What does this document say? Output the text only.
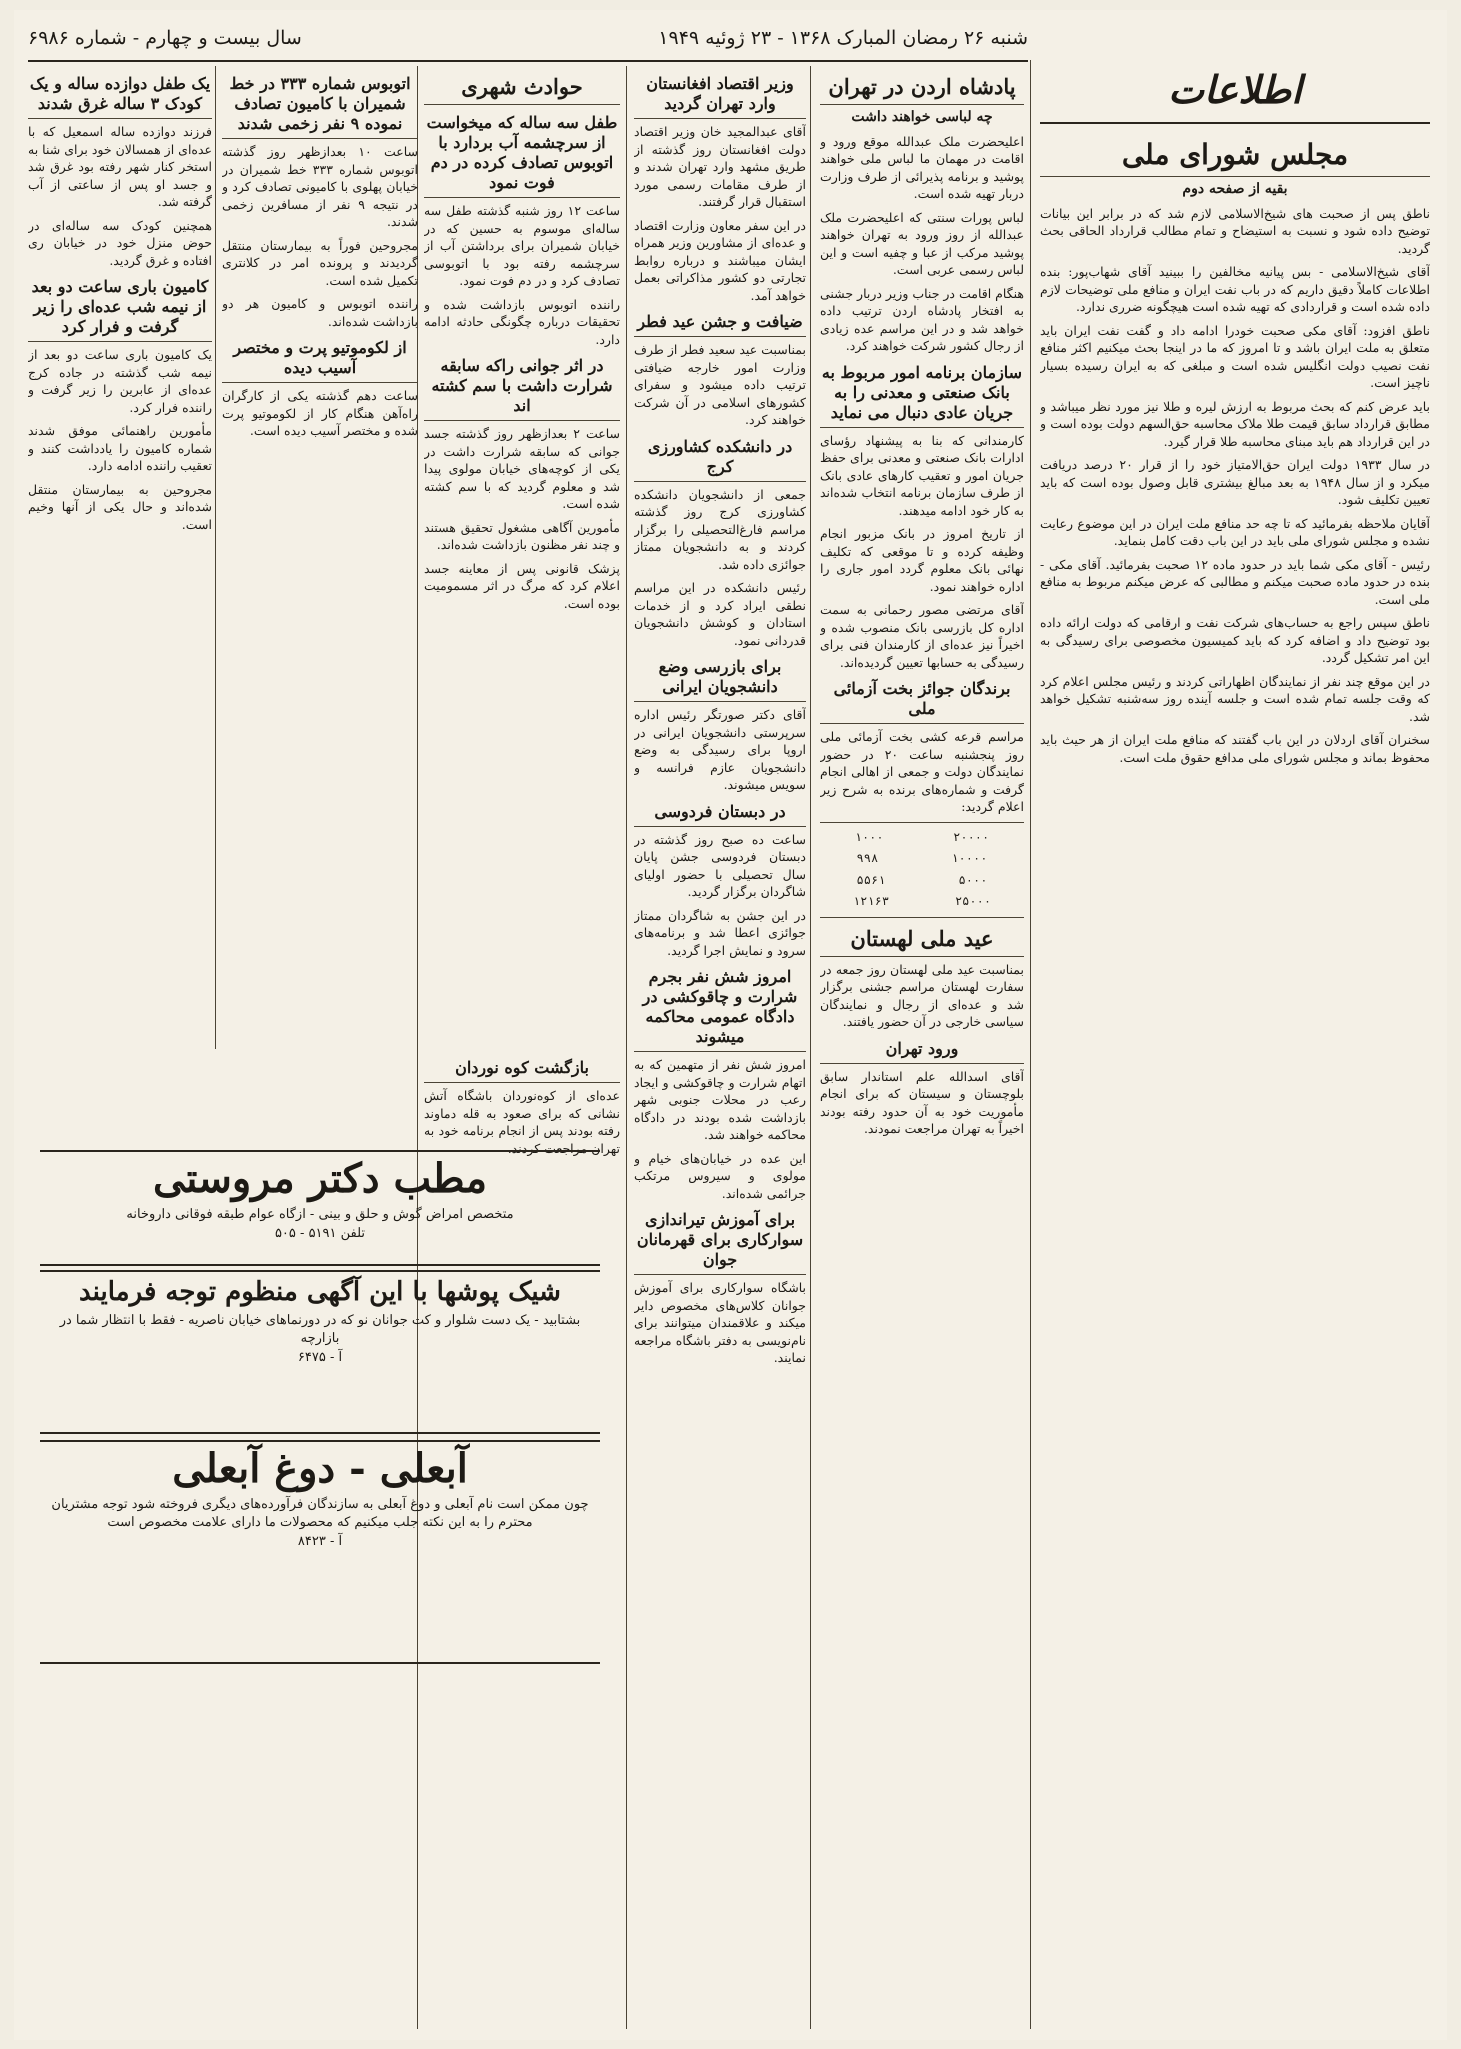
شنبه ۲۶ رمضان المبارک ۱۳۶۸ - ۲۳ ژوئیه ۱۹۴۹
سال بیست و چهارم - شماره ۶۹۸۶
اطلاعات
مجلس شورای ملی
بقیه از صفحه دوم

ناطق پس از صحبت های شیخ‌الاسلامی لازم شد که در برابر این بیانات توضیح داده شود و نسبت به استیضاح و تمام مطالب قرارداد الحاقی بحث گردید.

آقای شیخ‌الاسلامی - بس پیانیه مخالفین را ببینید آقای شهاب‌پور: بنده اطلاعات کاملاً دقیق داریم که در باب نفت ایران و منافع ملی توضیحات لازم داده شده است و قراردادی که تهیه شده است هیچگونه ضرری ندارد.

ناطق افزود: آقای مکی صحبت خودرا ادامه داد و گفت نفت ایران باید متعلق به ملت ایران باشد و تا امروز که ما در اینجا بحث میکنیم اکثر منافع نفت نصیب دولت انگلیس شده است و مبلغی که به ایران رسیده بسیار ناچیز است.

باید عرض کنم که بحث مربوط به ارزش لیره و طلا نیز مورد نظر میباشد و مطابق قرارداد سابق قیمت طلا ملاک محاسبه حق‌السهم دولت بوده است و در این قرارداد هم باید مبنای محاسبه طلا قرار گیرد.

در سال ۱۹۳۳ دولت ایران حق‌الامتیاز خود را از قرار ۲۰ درصد دریافت میکرد و از سال ۱۹۴۸ به بعد مبالغ بیشتری قابل وصول بوده است که باید تعیین تکلیف شود.

آقایان ملاحظه بفرمائید که تا چه حد منافع ملت ایران در این موضوع رعایت نشده و مجلس شورای ملی باید در این باب دقت کامل بنماید.

رئیس - آقای مکی شما باید در حدود ماده ۱۲ صحبت بفرمائید. آقای مکی - بنده در حدود ماده صحبت میکنم و مطالبی که عرض میکنم مربوط به منافع ملی است.

ناطق سپس راجع به حساب‌های شرکت نفت و ارقامی که دولت ارائه داده بود توضیح داد و اضافه کرد که باید کمیسیون مخصوصی برای رسیدگی به این امر تشکیل گردد.

در این موقع چند نفر از نمایندگان اظهاراتی کردند و رئیس مجلس اعلام کرد که وقت جلسه تمام شده است و جلسه آینده روز سه‌شنبه تشکیل خواهد شد.

سخنران آقای اردلان در این باب گفتند که منافع ملت ایران از هر حیث باید محفوظ بماند و مجلس شورای ملی مدافع حقوق ملت است.

پادشاه اردن در تهران
چه لباسی خواهند داشت

اعلیحضرت ملک عبدالله موقع ورود و اقامت در مهمان ما لباس ملی خواهند پوشید و برنامه پذیرائی از طرف وزارت دربار تهیه شده است.

لباس پورات سنتی که اعلیحضرت ملک عبدالله از روز ورود به تهران خواهند پوشید مرکب از عبا و چفیه است و این لباس رسمی عربی است.

هنگام اقامت در جناب وزیر دربار جشنی به افتخار پادشاه اردن ترتیب داده خواهد شد و در این مراسم عده زیادی از رجال کشور شرکت خواهند کرد.

سازمان برنامه امور مربوط به بانک صنعتی و معدنی را به جریان عادی دنبال می نماید

کارمندانی که بنا به پیشنهاد رؤسای ادارات بانک صنعتی و معدنی برای حفظ جریان امور و تعقیب کارهای عادی بانک از طرف سازمان برنامه انتخاب شده‌اند به کار خود ادامه میدهند.

از تاریخ امروز در بانک مزبور انجام وظیفه کرده و تا موقعی که تکلیف نهائی بانک معلوم گردد امور جاری را اداره خواهند نمود.

آقای مرتضی مصور رحمانی به سمت اداره کل بازرسی بانک منصوب شده و اخیراً نیز عده‌ای از کارمندان فنی برای رسیدگی به حسابها تعیین گردیده‌اند.

برندگان جوائز بخت آزمائی ملی

مراسم قرعه کشی بخت آزمائی ملی روز پنجشنبه ساعت ۲۰ در حضور نمایندگان دولت و جمعی از اهالی انجام گرفت و شماره‌های برنده به شرح زیر اعلام گردید:

۱۰۰۰	۲۰۰۰۰
۹۹۸	۱۰۰۰۰
۵۵۶۱	۵۰۰۰
۱۲۱۶۳	۲۵۰۰۰
عید ملی لهستان

بمناسبت عید ملی لهستان روز جمعه در سفارت لهستان مراسم جشنی برگزار شد و عده‌ای از رجال و نمایندگان سیاسی خارجی در آن حضور یافتند.

ورود تهران

آقای اسدالله علم استاندار سابق بلوچستان و سیستان که برای انجام مأموریت خود به آن حدود رفته بودند اخیراً به تهران مراجعت نمودند.

وزیر اقتصاد افغانستان وارد تهران گردید

آقای عبدالمجید خان وزیر اقتصاد دولت افغانستان روز گذشته از طریق مشهد وارد تهران شدند و از طرف مقامات رسمی مورد استقبال قرار گرفتند.

در این سفر معاون وزارت اقتصاد و عده‌ای از مشاورین وزیر همراه ایشان میباشند و درباره روابط تجارتی دو کشور مذاکراتی بعمل خواهد آمد.

ضیافت و جشن عید فطر

بمناسبت عید سعید فطر از طرف وزارت امور خارجه ضیافتی ترتیب داده میشود و سفرای کشورهای اسلامی در آن شرکت خواهند کرد.

در دانشکده کشاورزی کرج

جمعی از دانشجویان دانشکده کشاورزی کرج روز گذشته مراسم فارغ‌التحصیلی را برگزار کردند و به دانشجویان ممتاز جوائزی داده شد.

رئیس دانشکده در این مراسم نطقی ایراد کرد و از خدمات استادان و کوشش دانشجویان قدردانی نمود.

برای بازرسی وضع دانشجویان ایرانی

آقای دکتر صورتگر رئیس اداره سرپرستی دانشجویان ایرانی در اروپا برای رسیدگی به وضع دانشجویان عازم فرانسه و سویس میشوند.

در دبستان فردوسی

ساعت ده صبح روز گذشته در دبستان فردوسی جشن پایان سال تحصیلی با حضور اولیای شاگردان برگزار گردید.

در این جشن به شاگردان ممتاز جوائزی اعطا شد و برنامه‌های سرود و نمایش اجرا گردید.

امروز شش نفر بجرم شرارت و چاقوکشی در دادگاه عمومی محاکمه میشوند

امروز شش نفر از متهمین که به اتهام شرارت و چاقوکشی و ایجاد رعب در محلات جنوبی شهر بازداشت شده بودند در دادگاه محاکمه خواهند شد.

این عده در خیابان‌های خیام و مولوی و سیروس مرتکب جرائمی شده‌اند.

برای آموزش تیراندازی سوارکاری برای قهرمانان جوان

باشگاه سوارکاری برای آموزش جوانان کلاس‌های مخصوص دایر میکند و علاقمندان میتوانند برای نام‌نویسی به دفتر باشگاه مراجعه نمایند.

حوادث شهری
طفل سه ساله که میخواست از سرچشمه آب بردارد با اتوبوس تصادف کرده در دم فوت نمود

ساعت ۱۲ روز شنبه گذشته طفل سه ساله‌ای موسوم به حسین که در خیابان شمیران برای برداشتن آب از سرچشمه رفته بود با اتوبوسی تصادف کرد و در دم فوت نمود.

راننده اتوبوس بازداشت شده و تحقیقات درباره چگونگی حادثه ادامه دارد.

در اثر جوانی راکه سابقه شرارت داشت با سم کشته اند

ساعت ۲ بعدازظهر روز گذشته جسد جوانی که سابقه شرارت داشت در یکی از کوچه‌های خیابان مولوی پیدا شد و معلوم گردید که با سم کشته شده است.

مأمورین آگاهی مشغول تحقیق هستند و چند نفر مظنون بازداشت شده‌اند.

پزشک قانونی پس از معاینه جسد اعلام کرد که مرگ در اثر مسمومیت بوده است.

بازگشت کوه نوردان

عده‌ای از کوه‌نوردان باشگاه آتش نشانی که برای صعود به قله دماوند رفته بودند پس از انجام برنامه خود به تهران مراجعت کردند.

یک طفل دوازده ساله و یک کودک ۳ ساله غرق شدند

فرزند دوازده ساله اسمعیل که با عده‌ای از همسالان خود برای شنا به استخر کنار شهر رفته بود غرق شد و جسد او پس از ساعتی از آب گرفته شد.

همچنین کودک سه ساله‌ای در حوض منزل خود در خیابان ری افتاده و غرق گردید.

کامیون باری ساعت دو بعد از نیمه شب عده‌ای را زیر گرفت و فرار کرد

یک کامیون باری ساعت دو بعد از نیمه شب گذشته در جاده کرج عده‌ای از عابرین را زیر گرفت و راننده فرار کرد.

مأمورین راهنمائی موفق شدند شماره کامیون را یادداشت کنند و تعقیب راننده ادامه دارد.

مجروحین به بیمارستان منتقل شده‌اند و حال یکی از آنها وخیم است.

اتوبوس شماره ۳۳۳ در خط شمیران با کامیون تصادف نموده ۹ نفر زخمی شدند

ساعت ۱۰ بعدازظهر روز گذشته اتوبوس شماره ۳۳۳ خط شمیران در خیابان پهلوی با کامیونی تصادف کرد و در نتیجه ۹ نفر از مسافرین زخمی شدند.

مجروحین فوراً به بیمارستان منتقل گردیدند و پرونده امر در کلانتری تکمیل شده است.

راننده اتوبوس و کامیون هر دو بازداشت شده‌اند.

از لکوموتیو پرت و مختصر آسیب دیده

ساعت دهم گذشته یکی از کارگران راه‌آهن هنگام کار از لکوموتیو پرت شده و مختصر آسیب دیده است.

مطب دکتر مروستی
متخصص امراض گوش و حلق و بینی - ازگاه عوام طبقه فوقانی داروخانه
تلفن ۵۱۹۱ - ۵۰۵
شیک پوشها با این آگهی منظوم توجه فرمایند
بشتابید - یک دست شلوار و کت جوانان نو که در دورنماهای خیابان ناصریه - فقط با انتظار شما در بازارچه
۶۴۷۵ - آ
آبعلی - دوغ آبعلی
چون ممکن است نام آبعلی و دوغ آبعلی به سازندگان فرآورده‌های دیگری فروخته شود توجه مشتریان محترم را به این نکته جلب میکنیم که محصولات ما دارای علامت مخصوص است
آ - ۸۴۲۳
